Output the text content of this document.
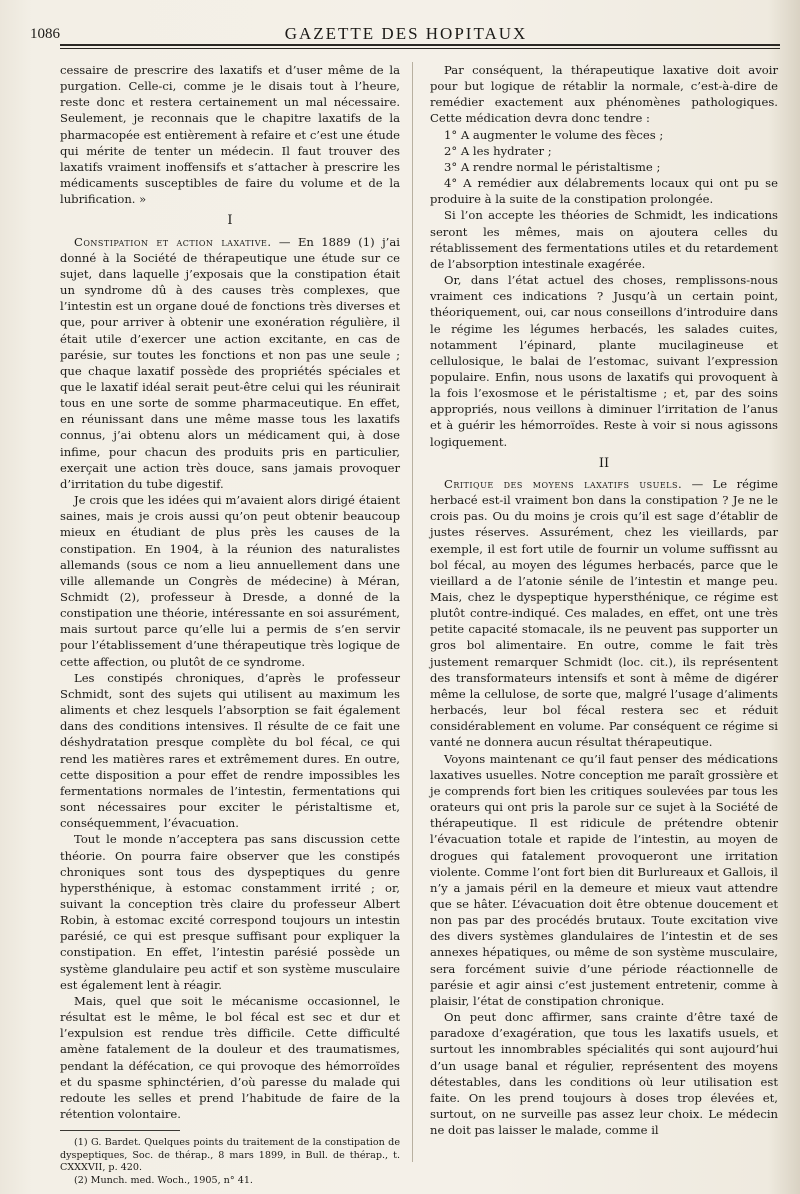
1086	GAZETTE DES HOPITAUX

cessaire de prescrire des laxatifs et d’user même de la purgation. Celle-ci, comme je le disais tout à l’heure, reste donc et restera certainement un mal nécessaire. Seulement, je reconnais que le chapitre laxatifs de la pharmacopée est entièrement à refaire et c’est une étude qui mérite de tenter un médecin. Il faut trouver des laxatifs vraiment inoffensifs et s’attacher à prescrire les médicaments susceptibles de faire du volume et de la lubrification. »

I

Constipation et action laxative. — En 1889 (1) j’ai donné à la Société de thérapeutique une étude sur ce sujet, dans laquelle j’exposais que la constipation était un syndrome dû à des causes très complexes, que l’intestin est un organe doué de fonctions très diverses et que, pour arriver à obtenir une exonération régulière, il était utile d’exercer une action excitante, en cas de parésie, sur toutes les fonctions et non pas une seule ; que chaque laxatif possède des propriétés spéciales et que le laxatif idéal serait peut-être celui qui les réunirait tous en une sorte de somme pharmaceutique. En effet, en réunissant dans une même masse tous les laxatifs connus, j’ai obtenu alors un médicament qui, à dose infime, pour chacun des produits pris en particulier, exerçait une action très douce, sans jamais provoquer d’irritation du tube digestif.

Je crois que les idées qui m’avaient alors dirigé étaient saines, mais je crois aussi qu’on peut obtenir beaucoup mieux en étudiant de plus près les causes de la constipation. En 1904, à la réunion des naturalistes allemands (sous ce nom a lieu annuellement dans une ville allemande un Congrès de médecine) à Méran, Schmidt (2), professeur à Dresde, a donné de la constipation une théorie, intéressante en soi assurément, mais surtout parce qu’elle lui a permis de s’en servir pour l’établissement d’une thérapeutique très logique de cette affection, ou plutôt de ce syndrome.

Les constipés chroniques, d’après le professeur Schmidt, sont des sujets qui utilisent au maximum les aliments et chez lesquels l’absorption se fait également dans des conditions intensives. Il résulte de ce fait une déshydratation presque complète du bol fécal, ce qui rend les matières rares et extrêmement dures. En outre, cette disposition a pour effet de rendre impossibles les fermentations normales de l’intestin, fermentations qui sont nécessaires pour exciter le péristaltisme et, conséquemment, l’évacuation.

Tout le monde n’acceptera pas sans discussion cette théorie. On pourra faire observer que les constipés chroniques sont tous des dyspeptiques du genre hypersthénique, à estomac constamment irrité ; or, suivant la conception très claire du professeur Albert Robin, à estomac excité correspond toujours un intestin parésié, ce qui est presque suffisant pour expliquer la constipation. En effet, l’intestin parésié possède un système glandulaire peu actif et son système musculaire est également lent à réagir.

Mais, quel que soit le mécanisme occasionnel, le résultat est le même, le bol fécal est sec et dur et l’expulsion est rendue très difficile. Cette difficulté amène fatalement de la douleur et des traumatismes, pendant la défécation, ce qui provoque des hémorroïdes et du spasme sphinctérien, d’où paresse du malade qui redoute les selles et prend l’habitude de faire de la rétention volontaire.

(1) G. Bardet. Quelques points du traitement de la constipation de dyspeptiques, Soc. de thérap., 8 mars 1899, in Bull. de thérap., t. CXXXVII, p. 420.

(2) Munch. med. Woch., 1905, n° 41.

Par conséquent, la thérapeutique laxative doit avoir pour but logique de rétablir la normale, c’est-à-dire de remédier exactement aux phénomènes pathologiques. Cette médication devra donc tendre :

1° A augmenter le volume des fèces ;

2° A les hydrater ;

3° A rendre normal le péristaltisme ;

4° A remédier aux délabrements locaux qui ont pu se produire à la suite de la constipation prolongée.

Si l’on accepte les théories de Schmidt, les indications seront les mêmes, mais on ajoutera celles du rétablissement des fermentations utiles et du retardement de l’absorption intestinale exagérée.

Or, dans l’état actuel des choses, remplissons-nous vraiment ces indications ? Jusqu’à un certain point, théoriquement, oui, car nous conseillons d’introduire dans le régime les légumes herbacés, les salades cuites, notamment l’épinard, plante mucilagineuse et cellulosique, le balai de l’estomac, suivant l’expression populaire. Enfin, nous usons de laxatifs qui provoquent à la fois l’exosmose et le péristaltisme ; et, par des soins appropriés, nous veillons à diminuer l’irritation de l’anus et à guérir les hémorroïdes. Reste à voir si nous agissons logiquement.

II

Critique des moyens laxatifs usuels. — Le régime herbacé est-il vraiment bon dans la constipation ? Je ne le crois pas. Ou du moins je crois qu’il est sage d’établir de justes réserves. Assurément, chez les vieillards, par exemple, il est fort utile de fournir un volume suffissnt au bol fécal, au moyen des légumes herbacés, parce que le vieillard a de l’atonie sénile de l’intestin et mange peu. Mais, chez le dyspeptique hypersthénique, ce régime est plutôt contre-indiqué. Ces malades, en effet, ont une très petite capacité stomacale, ils ne peuvent pas supporter un gros bol alimentaire. En outre, comme le fait très justement remarquer Schmidt (loc. cit.), ils représentent des transformateurs intensifs et sont à même de digérer même la cellulose, de sorte que, malgré l’usage d’aliments herbacés, leur bol fécal restera sec et réduit considérablement en volume. Par conséquent ce régime si vanté ne donnera aucun résultat thérapeutique.

Voyons maintenant ce qu’il faut penser des médications laxatives usuelles. Notre conception me paraît grossière et je comprends fort bien les critiques soulevées par tous les orateurs qui ont pris la parole sur ce sujet à la Société de thérapeutique. Il est ridicule de prétendre obtenir l’évacuation totale et rapide de l’intestin, au moyen de drogues qui fatalement provoqueront une irritation violente. Comme l’ont fort bien dit Burlureaux et Gallois, il n’y a jamais péril en la demeure et mieux vaut attendre que se hâter. L’évacuation doit être obtenue doucement et non pas par des procédés brutaux. Toute excitation vive des divers systèmes glandulaires de l’intestin et de ses annexes hépatiques, ou même de son système musculaire, sera forcément suivie d’une période réactionnelle de parésie et agir ainsi c’est justement entretenir, comme à plaisir, l’état de constipation chronique.

On peut donc affirmer, sans crainte d’être taxé de paradoxe d’exagération, que tous les laxatifs usuels, et surtout les innombrables spécialités qui sont aujourd’hui d’un usage banal et régulier, représentent des moyens détestables, dans les conditions où leur utilisation est faite. On les prend toujours à doses trop élevées et, surtout, on ne surveille pas assez leur choix. Le médecin ne doit pas laisser le malade, comme il
